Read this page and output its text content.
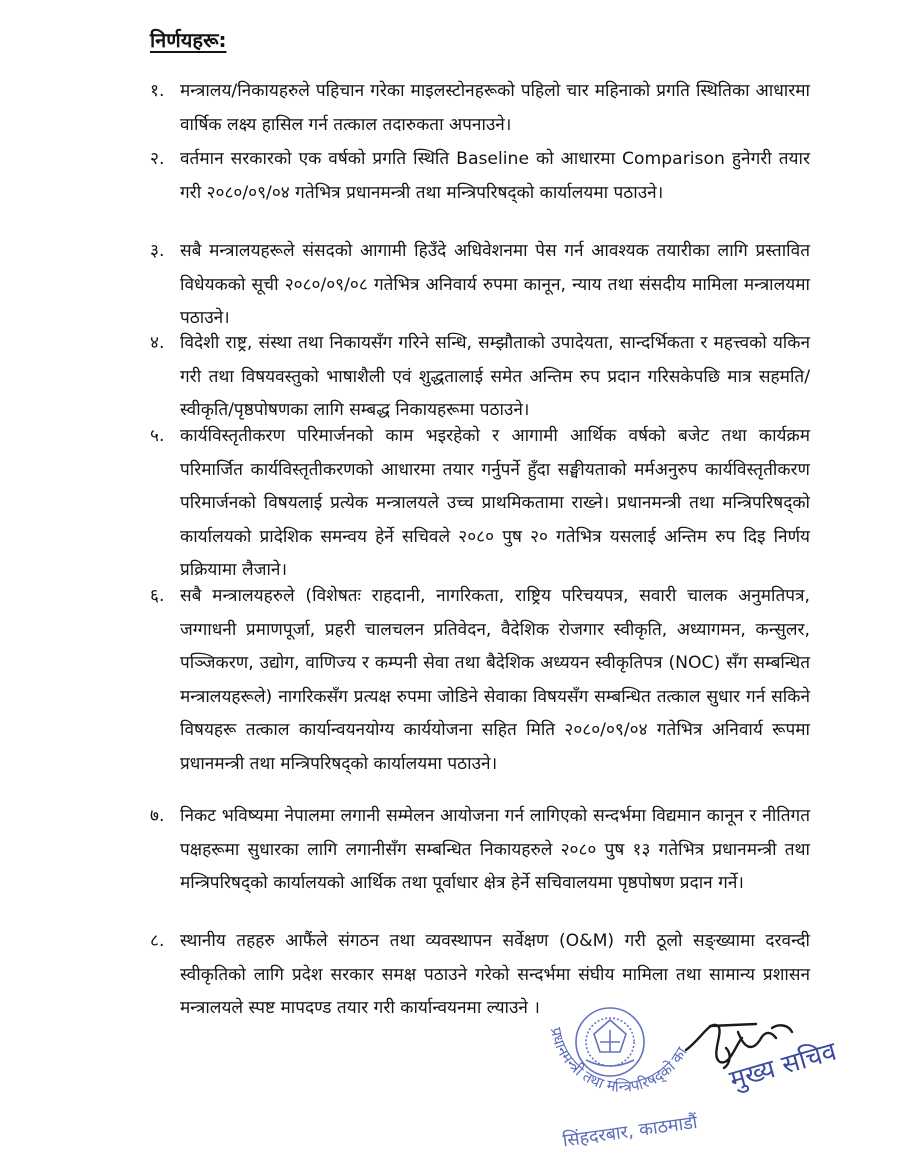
निर्णयहरू:
१. मन्त्रालय/निकायहरुले पहिचान गरेका माइलस्टोनहरूको पहिलो चार महिनाको प्रगति स्थितिका आधारमा वार्षिक लक्ष्य हासिल गर्न तत्काल तदारुकता अपनाउने।
२. वर्तमान सरकारको एक वर्षको प्रगति स्थिति Baseline को आधारमा Comparison हुनेगरी तयार गरी २०८०/०९/०४ गतेभित्र प्रधानमन्त्री तथा मन्त्रिपरिषद्को कार्यालयमा पठाउने।
३. सबै मन्त्रालयहरूले संसदको आगामी हिउँदे अधिवेशनमा पेस गर्न आवश्यक तयारीका लागि प्रस्तावित विधेयकको सूची २०८०/०९/०८ गतेभित्र अनिवार्य रुपमा कानून, न्याय तथा संसदीय मामिला मन्त्रालयमा पठाउने।
४. विदेशी राष्ट्र, संस्था तथा निकायसँग गरिने सन्धि, सम्झौताको उपादेयता, सान्दर्भिकता र महत्त्वको यकिन गरी तथा विषयवस्तुको भाषाशैली एवं शुद्धतालाई समेत अन्तिम रुप प्रदान गरिसकेपछि मात्र सहमति/स्वीकृति/पृष्ठपोषणका लागि सम्बद्ध निकायहरूमा पठाउने।
५. कार्यविस्तृतीकरण परिमार्जनको काम भइरहेको र आगामी आर्थिक वर्षको बजेट तथा कार्यक्रम परिमार्जित कार्यविस्तृतीकरणको आधारमा तयार गर्नुपर्ने हुँदा सङ्घीयताको मर्मअनुरुप कार्यविस्तृतीकरण परिमार्जनको विषयलाई प्रत्येक मन्त्रालयले उच्च प्राथमिकतामा राख्ने। प्रधानमन्त्री तथा मन्त्रिपरिषद्को कार्यालयको प्रादेशिक समन्वय हेर्ने सचिवले २०८० पुष २० गतेभित्र यसलाई अन्तिम रुप दिइ निर्णय प्रक्रियामा लैजाने।
६. सबै मन्त्रालयहरुले (विशेषतः राहदानी, नागरिकता, राष्ट्रिय परिचयपत्र, सवारी चालक अनुमतिपत्र, जग्गाधनी प्रमाणपूर्जा, प्रहरी चालचलन प्रतिवेदन, वैदेशिक रोजगार स्वीकृति, अध्यागमन, कन्सुलर, पञ्जिकरण, उद्योग, वाणिज्य र कम्पनी सेवा तथा बैदेशिक अध्ययन स्वीकृतिपत्र (NOC) सँग सम्बन्धित मन्त्रालयहरूले) नागरिकसँग प्रत्यक्ष रुपमा जोडिने सेवाका विषयसँग सम्बन्धित तत्काल सुधार गर्न सकिने विषयहरू तत्काल कार्यान्वयनयोग्य कार्ययोजना सहित मिति २०८०/०९/०४ गतेभित्र अनिवार्य रूपमा प्रधानमन्त्री तथा मन्त्रिपरिषद्को कार्यालयमा पठाउने।
७. निकट भविष्यमा नेपालमा लगानी सम्मेलन आयोजना गर्न लागिएको सन्दर्भमा विद्यमान कानून र नीतिगत पक्षहरूमा सुधारका लागि लगानीसँग सम्बन्धित निकायहरुले २०८० पुष १३ गतेभित्र प्रधानमन्त्री तथा मन्त्रिपरिषद्को कार्यालयको आर्थिक तथा पूर्वाधार क्षेत्र हेर्ने सचिवालयमा पृष्ठपोषण प्रदान गर्ने।
८. स्थानीय तहहरु आफैंले संगठन तथा व्यवस्थापन सर्वेक्षण (O&M) गरी ठूलो सङ्ख्यामा दरवन्दी स्वीकृतिको लागि प्रदेश सरकार समक्ष पठाउने गरेको सन्दर्भमा संघीय मामिला तथा सामान्य प्रशासन मन्त्रालयले स्पष्ट मापदण्ड तयार गरी कार्यान्वयनमा ल्याउने ।
प्रधानमन्त्री तथा मन्त्रिपरिषद्को कार्यालय
सिंहदरबार, काठमाडौं
मुख्य सचिव
